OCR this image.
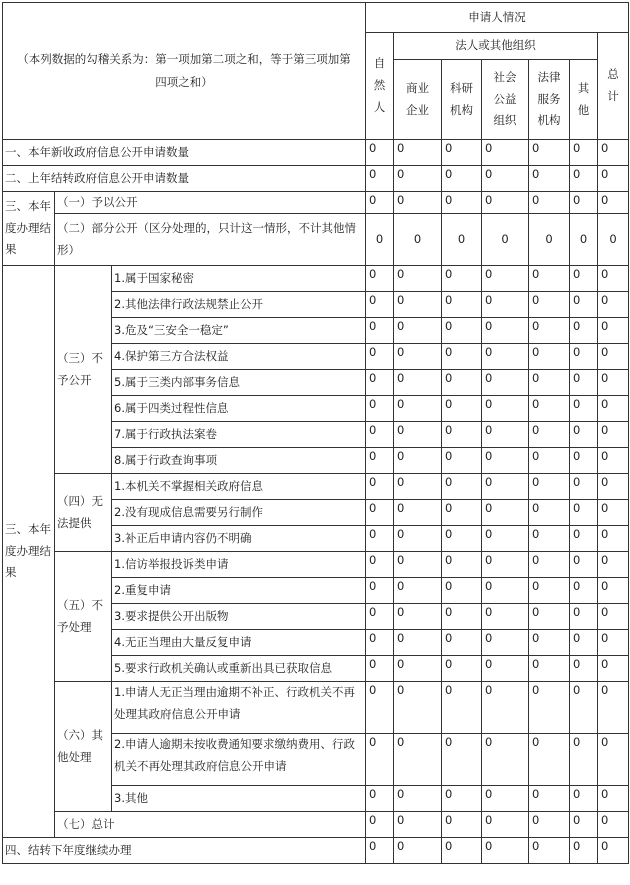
（本列数据的勾稽关系为：第一项加第二项之和，等于第三项加第四项之和）			申请人情况						
			自然人	法人或其他组织					总计
				商业企业	科研机构	社会公益组织	法律服务机构	其他	
一、本年新收政府信息公开申请数量			0	0	0	0	0	0	0
二、上年结转政府信息公开申请数量			0	0	0	0	0	0	0
三、本年度办理结果	（一）予以公开		0	0	0	0	0	0	0
	（二）部分公开（区分处理的，只计这一情形，不计其他情形）		0	0	0	0	0	0	0
三、本年度办理结果	（三）不予公开	1.属于国家秘密	0	0	0	0	0	0	0
		2.其他法律行政法规禁止公开	0	0	0	0	0	0	0
		3.危及“三安全一稳定”	0	0	0	0	0	0	0
		4.保护第三方合法权益	0	0	0	0	0	0	0
		5.属于三类内部事务信息	0	0	0	0	0	0	0
		6.属于四类过程性信息	0	0	0	0	0	0	0
		7.属于行政执法案卷	0	0	0	0	0	0	0
		8.属于行政查询事项	0	0	0	0	0	0	0
	（四）无法提供	1.本机关不掌握相关政府信息	0	0	0	0	0	0	0
		2.没有现成信息需要另行制作	0	0	0	0	0	0	0
		3.补正后申请内容仍不明确	0	0	0	0	0	0	0
	（五）不予处理	1.信访举报投诉类申请	0	0	0	0	0	0	0
		2.重复申请	0	0	0	0	0	0	0
		3.要求提供公开出版物	0	0	0	0	0	0	0
		4.无正当理由大量反复申请	0	0	0	0	0	0	0
		5.要求行政机关确认或重新出具已获取信息	0	0	0	0	0	0	0
	（六）其他处理	1.申请人无正当理由逾期不补正、行政机关不再处理其政府信息公开申请	0	0	0	0	0	0	0
		2.申请人逾期未按收费通知要求缴纳费用、行政机关不再处理其政府信息公开申请	0	0	0	0	0	0	0
		3.其他	0	0	0	0	0	0	0
	（七）总计		0	0	0	0	0	0	0
四、结转下年度继续办理			0	0	0	0	0	0	0
